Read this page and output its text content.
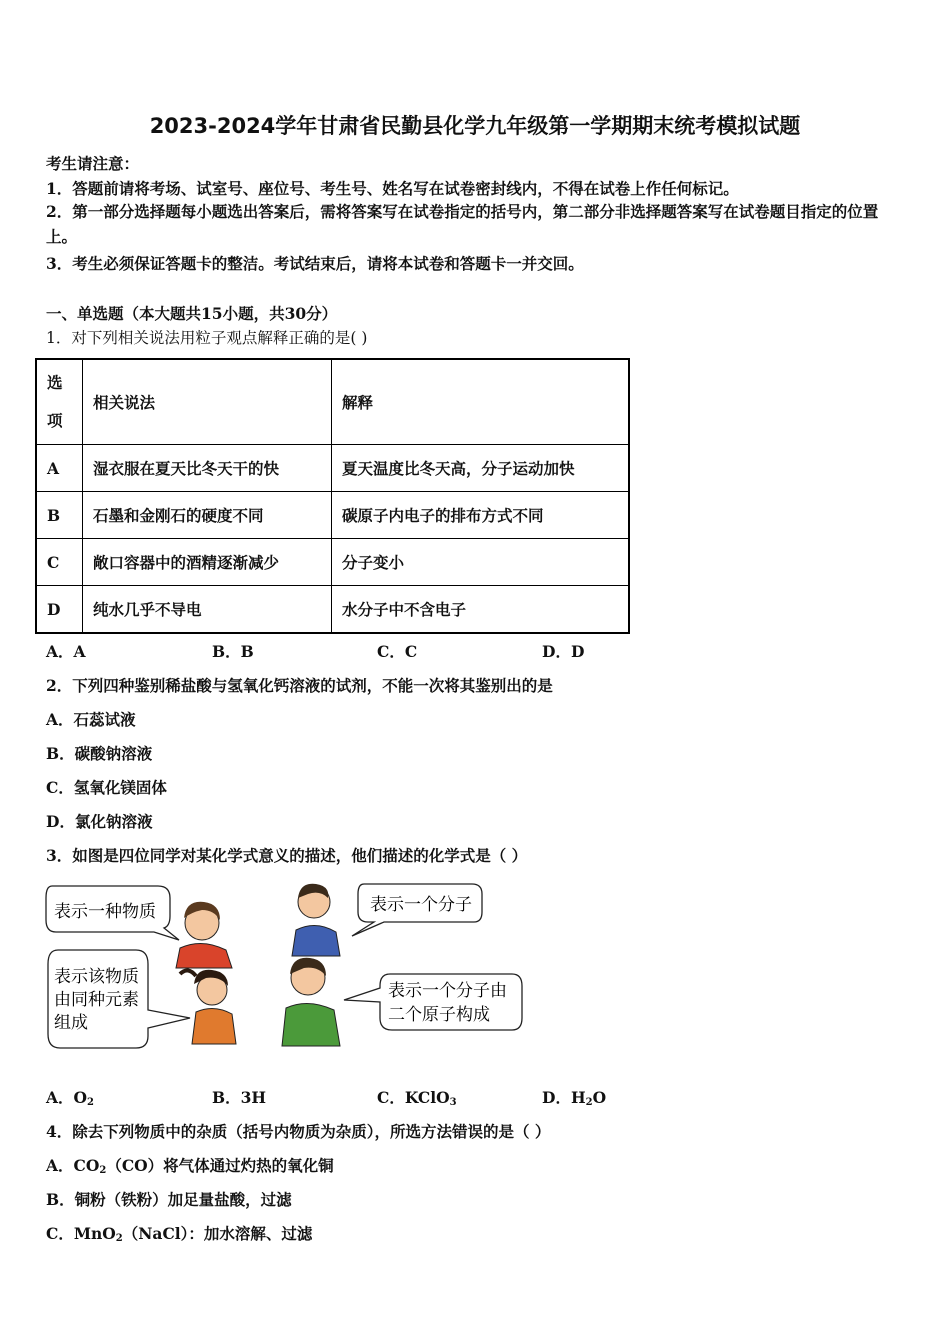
2023-2024学年甘肃省民勤县化学九年级第一学期期末统考模拟试题
考生请注意：
1．答题前请将考场、试室号、座位号、考生号、姓名写在试卷密封线内，不得在试卷上作任何标记。
2．第一部分选择题每小题选出答案后，需将答案写在试卷指定的括号内，第二部分非选择题答案写在试卷题目指定的位置上。
3．考生必须保证答题卡的整洁。考试结束后，请将本试卷和答题卡一并交回。
一、单选题（本大题共15小题，共30分）
1．对下列相关说法用粒子观点解释正确的是( )
选
项	相关说法	解释
A	湿衣服在夏天比冬天干的快	夏天温度比冬天高，分子运动加快
B	石墨和金刚石的硬度不同	碳原子内电子的排布方式不同
C	敞口容器中的酒精逐渐减少	分子变小
D	纯水几乎不导电	水分子中不含电子
A．A	B．B	C．C	D．D
2．下列四种鉴别稀盐酸与氢氧化钙溶液的试剂，不能一次将其鉴别出的是
A．石蕊试液
B．碳酸钠溶液
C．氢氧化镁固体
D．氯化钠溶液
3．如图是四位同学对某化学式意义的描述，他们描述的化学式是（ ）
表示一种物质	表示一个分子
表示该物质
由同种元素
组成
表示一个分子由
二个原子构成
A．$O_2$	B．3H	C．KClO$_3$	D．$H_2O$
4．除去下列物质中的杂质（括号内物质为杂质），所选方法错误的是（ ）
A．$CO_2(CO)$将气体通过灼热的氧化铜
B．铜粉（铁粉）加足量盐酸，过滤
C．MnO$_2$（NaCl）：加水溶解、过滤
